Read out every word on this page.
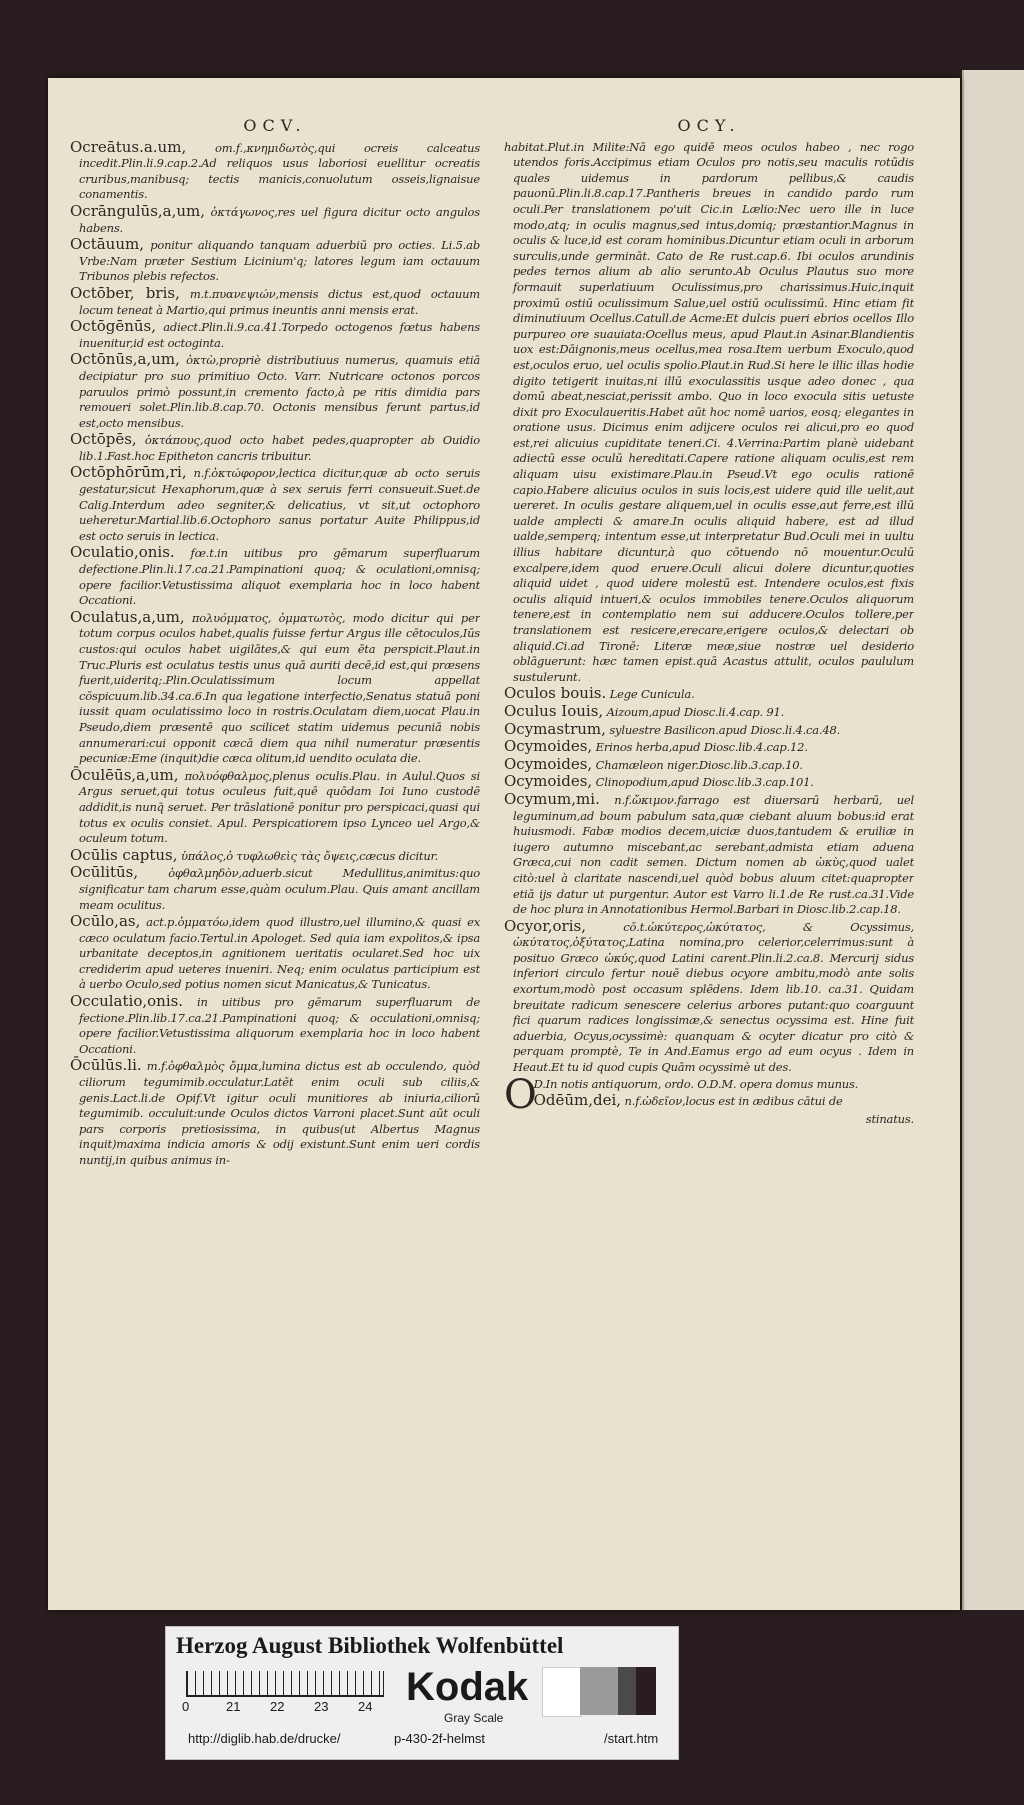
OCV.

Ocreātus.a.um,	om.f.,κνημιδωτὸς,qui ocreis calceatus incedit.Plin.li.9.cap.2.Ad reliquos usus laboriosi euellitur ocreatis cruribus,manibusq; tectis manicis,conuolutum osseis,lignaisue conamentis.

Ocrāngulūs,a,um, ὀκτάγωνος,res uel figura dicitur octo angulos habens.

Octāuum, ponitur aliquando tanquam aduerbiū pro octies. Li.5.ab Vrbe:Nam præter Sestium Licinium'q; latores legum iam octauum Tribunos plebis refectos.

Octōber, bris, m.t.πυανεψιών,mensis dictus est,quod octauum locum teneat à Martio,qui primus ineuntis anni mensis erat.

Octōgēnūs, adiect.Plin.li.9.ca.41.Torpedo octogenos fœtus habens inuenitur,id est octoginta.

Octōnūs,a,um, ὀκτὼ,propriè distributiuus numerus, quamuis etiā decipiatur pro suo primitiuo Octo. Varr. Nutricare octonos porcos paruulos primò possunt,in cremento facto,à pe ritis dimidia pars remoueri solet.Plin.lib.8.cap.70. Octonis mensibus ferunt partus,id est,octo mensibus.

Octōpēs, ὀκτάπους,quod octo habet pedes,quapropter ab Ouidio lib.1.Fast.hoc Epitheton cancris tribuitur.

Octōphōrūm,ri, n.f.ὀκτώφορον,lectica dicitur,quæ ab octo seruis gestatur,sicut Hexaphorum,quæ à sex seruis ferri consueuit.Suet.de Calig.Interdum adeo segniter,& delicatius, vt sit,ut octophoro ueheretur.Martial.lib.6.Octophoro sanus portatur Auite Philippus,id est octo seruis in lectica.

Oculatio,onis. fœ.t.in uitibus pro gēmarum superfluarum defectione.Plin.li.17.ca.21.Pampinationi quoq; & oculationi,omnisq; opere facilior.Vetustissima aliquot exemplaria hoc in loco habent Occationi.

Oculatus,a,um, πολυόμματος, ὀμματωτὸς, modo dicitur qui per totum corpus oculos habet,qualis fuisse fertur Argus ille cētoculos,Iūs custos:qui oculos habet uigilātes,& qui eum ēta perspicit.Plaut.in Truc.Pluris est oculatus testis unus quā auriti decē,id est,qui præsens fuerit,uideritq;.Plin.Oculatissimum locum appellat cōspicuum.lib.34.ca.6.In qua legatione interfectio,Senatus statuā poni iussit quam oculatissimo loco in rostris.Oculatam diem,uocat Plau.in Pseudo,diem præsentē quo scilicet statim uidemus pecuniā nobis annumerari:cui opponit cæcā diem qua nihil numeratur præsentis pecuniæ:Eme (inquit)die cæca olitum,id uendito oculata die.

Ōculēūs,a,um, πολυόφθαλμος,plenus oculis.Plau. in Aulul.Quos si Argus seruet,qui totus oculeus fuit,quē quōdam Ioi Iuno custodē addidit,is nunq̄ seruet. Per trāslationē ponitur pro perspicaci,quasi qui totus ex oculis consiet. Apul. Perspicatiorem ipso Lynceo uel Argo,& oculeum totum.

Ocūlis captus, ὑπάλος,ὁ τυφλωθεὶς τὰς ὄψεις,cæcus dicitur.

Ocūlitūs,	ὀφθαλμηδὸν,aduerb.sicut Medullitus,animitus:quo significatur tam charum esse,quàm oculum.Plau. Quis amant ancillam meam oculitus.

Ocūlo,as, act.p.ὀμματόω,idem quod illustro,uel illumino,& quasi ex cæco oculatum facio.Tertul.in Apologet. Sed quia iam expolitos,& ipsa urbanitate deceptos,in agnitionem ueritatis ocularet.Sed hoc uix crediderim apud ueteres inueniri. Neq; enim oculatus participium est à uerbo Oculo,sed potius nomen sicut Manicatus,& Tunicatus.

Occulatio,onis. in uitibus pro gēmarum superfluarum de fectione.Plin.lib.17.ca.21.Pampinationi quoq; & occulationi,omnisq; opere facilior.Vetustissima aliquorum exemplaria hoc in loco habent Occationi.

Ōcūlūs.li. m.f.ὀφθαλμὸς ὄμμα,lumina dictus est ab occulendo, quòd ciliorum tegumimib.occulatur.Latēt enim oculi sub ciliis,& genis.Lact.li.de Opif.Vt igitur oculi munitiores ab iniuria,ciliorū tegumimib. occuluit:unde Oculos dictos Varroni placet.Sunt aūt oculi pars corporis pretiosissima, in quibus(ut Albertus Magnus inquit)maxima indicia amoris & odij existunt.Sunt enim ueri cordis nuntij,in quibus animus in-

OCY.

habitat.Plut.in Milite:Nā ego quidē meos oculos habeo , nec rogo utendos foris.Accipimus etiam Oculos pro notis,seu maculis rotūdis quales uidemus in pardorum pellibus,& caudis pauonū.Plin.li.8.cap.17.Pantheris breues in candido pardo rum oculi.Per translationem po'uit Cic.in Lælio:Nec uero ille in luce modo,atq; in oculis magnus,sed intus,domiq; præstantior.Magnus in oculis & luce,id est coram hominibus.Dicuntur etiam oculi in arborum surculis,unde germināt. Cato de Re rust.cap.6. Ibi oculos arundinis pedes ternos alium ab alio serunto.Ab Oculus Plautus suo more formauit superlatiuum Oculissimus,pro charissimus.Huic,inquit proximū ostiū oculissimum Salue,uel ostiū oculissimū. Hinc etiam fit diminutiuum Ocellus.Catull.de Acme:Et dulcis pueri ebrios ocellos Illo purpureo ore suauiata:Ocellus meus, apud Plaut.in Asinar.Blandientis uox est:Dāignonis,meus ocellus,mea rosa.Item uerbum Exoculo,quod est,oculos eruo, uel oculis spolio.Plaut.in Rud.Si here le illic illas hodie digito tetigerit inuitas,ni illū exoculassitis usque adeo donec , qua domū abeat,nesciat,perissit ambo. Quo in loco exocula sitis uetuste dixit pro Exoculaueritis.Habet aūt hoc nomē uarios, eosq; elegantes in oratione usus. Dicimus enim adijcere oculos rei alicui,pro eo quod est,rei alicuius cupiditate teneri.Ci. 4.Verrina:Partim planè uidebant adiectū esse oculū hereditati.Capere ratione aliquam oculis,est rem aliquam uisu existimare.Plau.in Pseud.Vt ego oculis rationē capio.Habere alicuius oculos in suis locis,est uidere quid ille uelit,aut uereret. In oculis gestare aliquem,uel in oculis esse,aut ferre,est illū ualde amplecti & amare.In oculis aliquid habere, est ad illud ualde,semperq; intentum esse,ut interpretatur Bud.Oculi mei in uultu illius habitare dicuntur,à quo cōtuendo nō mouentur.Oculū excalpere,idem quod eruere.Oculi alicui dolere dicuntur,quoties aliquid uidet , quod uidere molestū est. Intendere oculos,est fixis oculis aliquid intueri,& oculos immobiles tenere.Oculos aliquorum tenere,est in contemplatio nem sui adducere.Oculos tollere,per translationem est resicere,erecare,erigere oculos,& delectari ob aliquid.Ci.ad Tironē: Literæ meæ,siue nostræ uel desiderio oblāguerunt: hæc tamen epist.quā Acastus attulit, oculos paululum sustulerunt.

Oculos bouis. Lege Cunicula.

Oculus Iouis, Aizoum,apud Diosc.li.4.cap. 91.

Ocymastrum, syluestre Basilicon.apud Diosc.li.4.ca.48.

Ocymoides, Erinos herba,apud Diosc.lib.4.cap.12.

Ocymoides, Chamæleon niger.Diosc.lib.3.cap.10.

Ocymoides, Clinopodium,apud Diosc.lib.3.cap.101.

Ocymum,mi. n.f.ὤκιμον.farrago est diuersarū herbarū, uel leguminum,ad boum pabulum sata,quæ ciebant aluum bobus:id erat huiusmodi. Fabæ modios decem,uiciæ duos,tantudem & eruiliæ in iugero autumno miscebant,ac serebant,admista etiam aduena Græca,cui non cadit semen. Dictum nomen ab ὠκὺς,quod ualet citò:uel à claritate nascendi,uel quòd bobus aluum citet:quapropter etiā ijs datur ut purgentur. Autor est Varro li.1.de Re rust.ca.31.Vide de hoc plura in Annotationibus Hermol.Barbari in Diosc.lib.2.cap.18.

Ocyor,oris,	cō.t.ὠκύτερος,ὠκύτατος, & Ocyssimus, ὠκύτατος,ὀξύτατος,Latina nomina,pro celerior,celerrimus:sunt à posituo Græco ὠκύς,quod Latini carent.Plin.li.2.ca.8. Mercurij sidus inferiori circulo fertur nouē diebus ocyore ambitu,modò ante solis exortum,modò post occasum splēdens. Idem lib.10. ca.31. Quidam breuitate radicum senescere celerius arbores putant:quo coarguunt fici quarum radices longissimæ,& senectus ocyssima est. Hine fuit aduerbia, Ocyus,ocyssimè: quanquam & ocyter dicatur pro citò & perquam promptè, Te in And.Eamus ergo ad eum ocyus . Idem in Heaut.Et tu id quod cupis Quām ocyssimè ut des.

O
D.In notis antiquorum, ordo. O.D.M. opera domus munus.

Odēūm,dei, n.f.ὠδεῖον,locus est in ædibus cātui de

stinatus.
Herzog August Bibliothek Wolfenbüttel
0	21 22 23 24 Kodak
Gray Scale
http://diglib.hab.de/drucke/	p-430-2f-helmst	/start.htm
